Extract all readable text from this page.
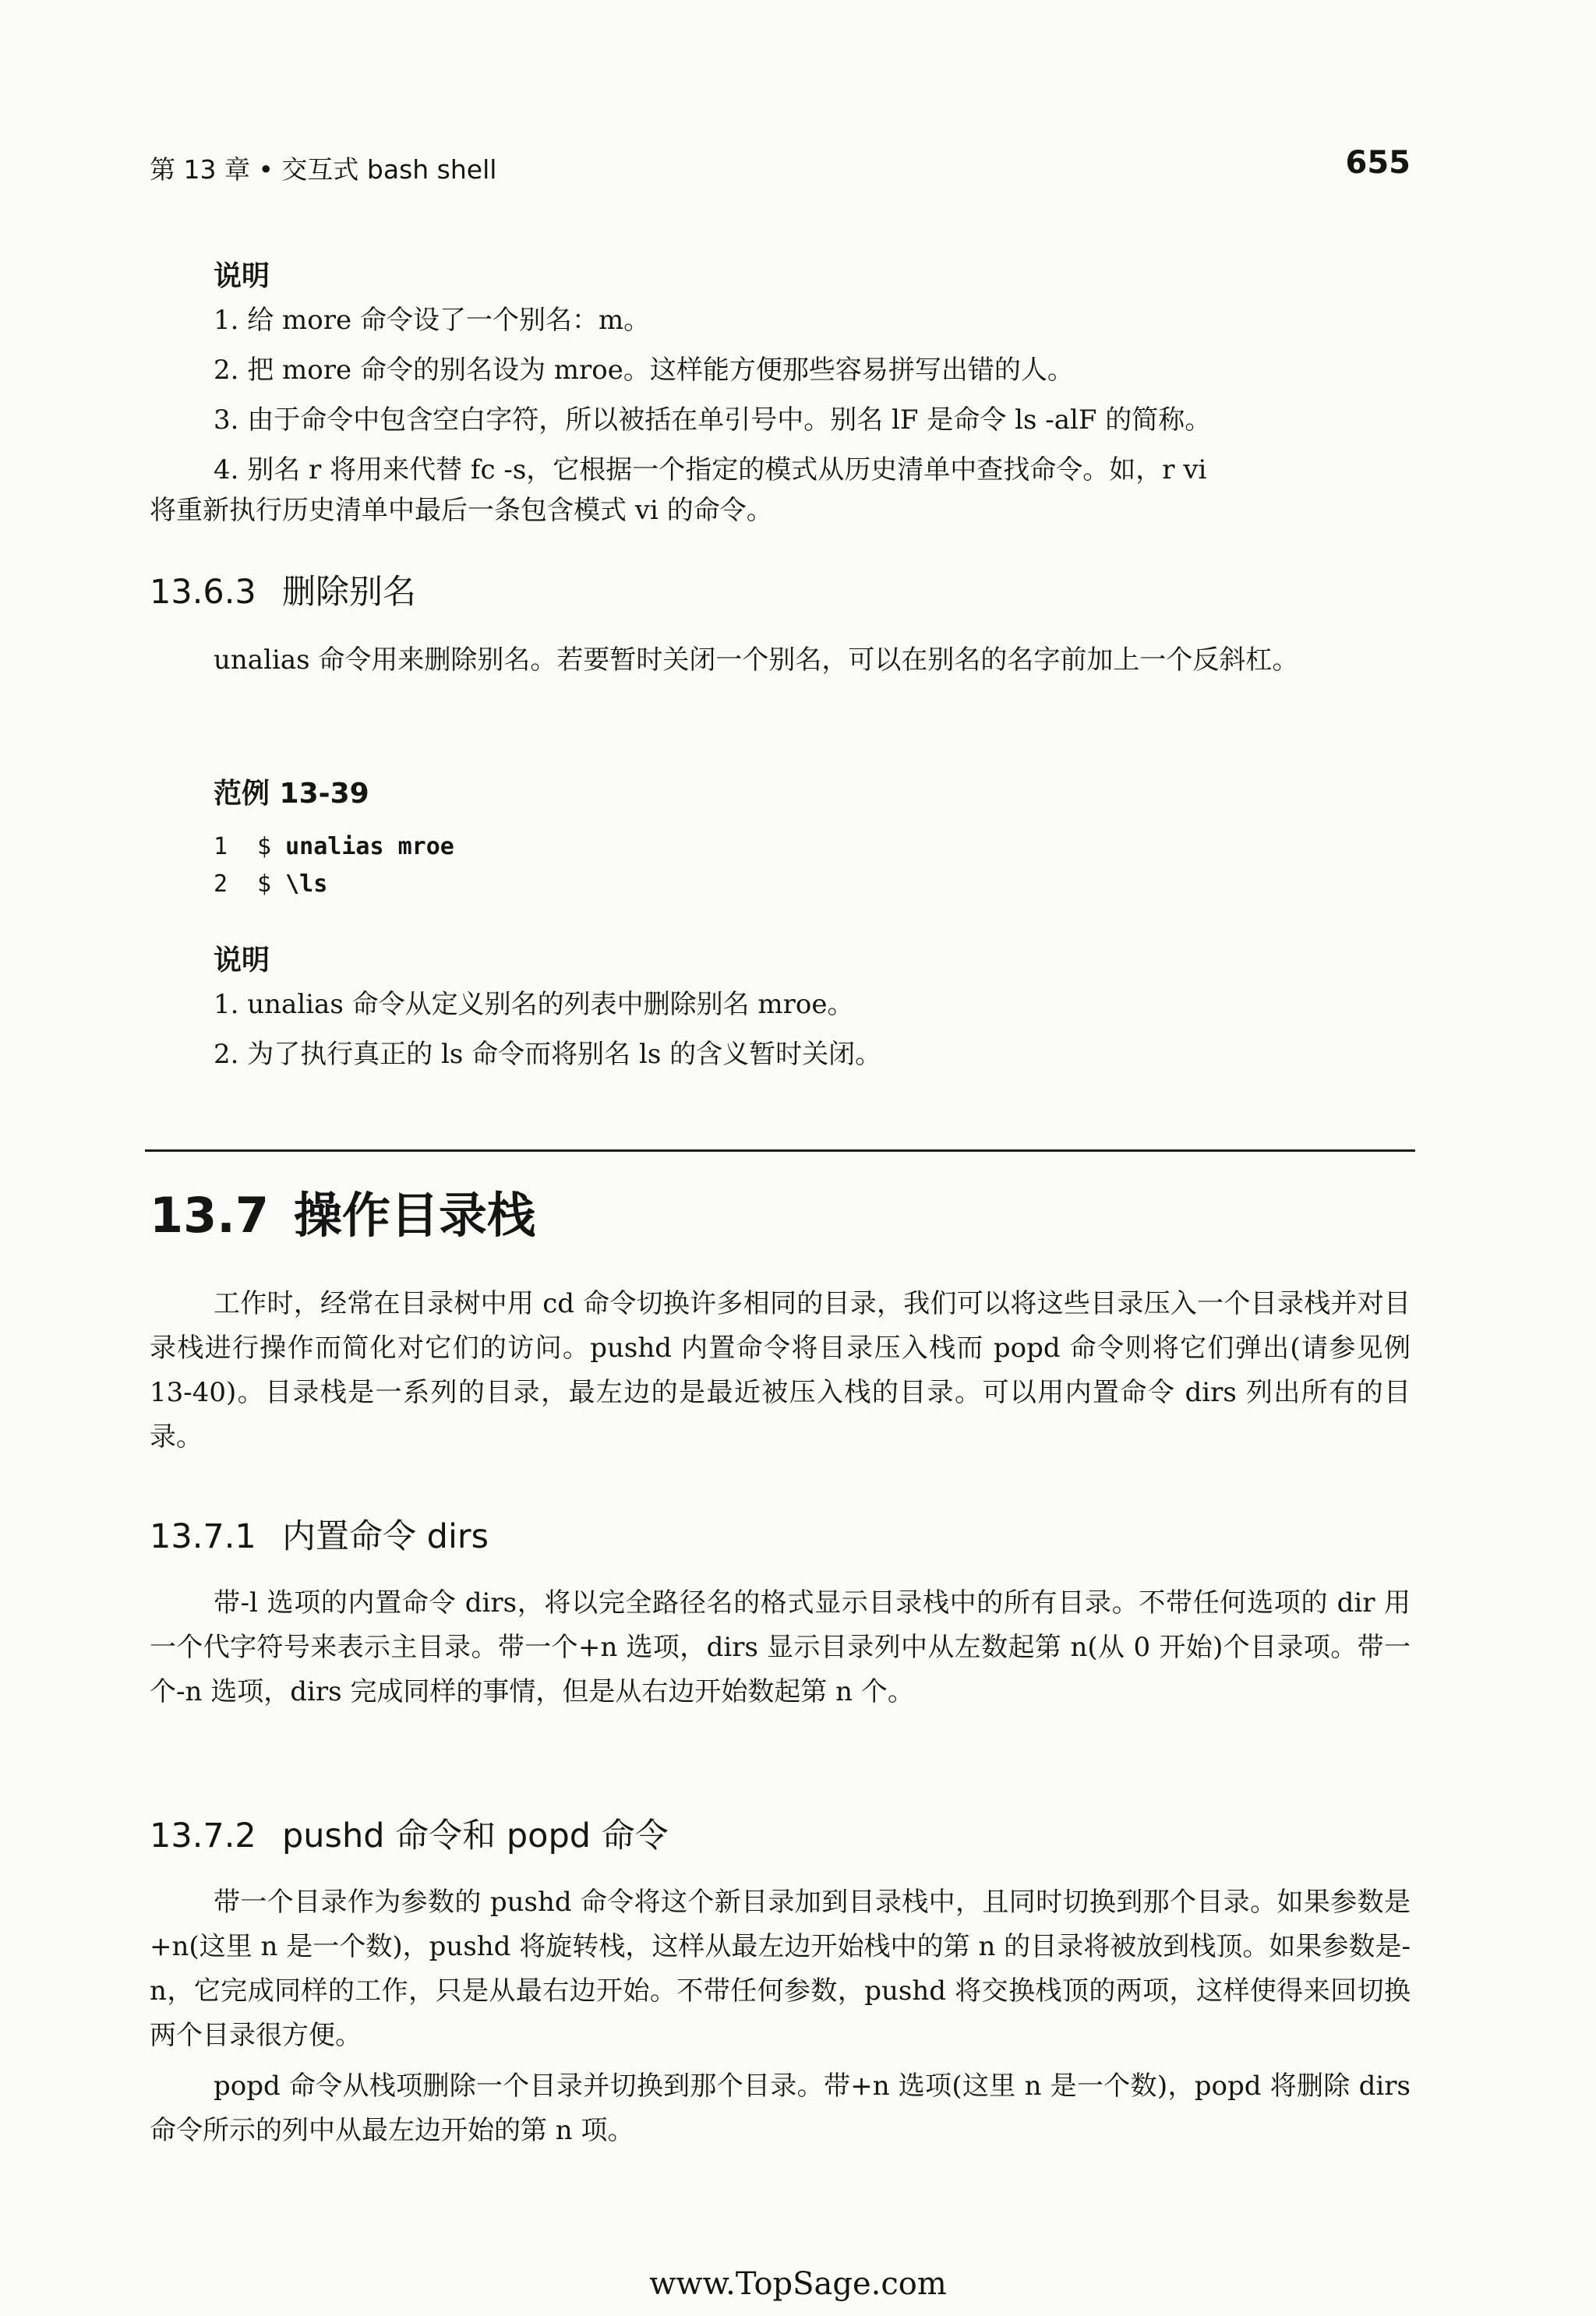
第 13 章 • 交互式 bash shell	655

说明

1. 给 more 命令设了一个别名：m。

2. 把 more 命令的别名设为 mroe。这样能方便那些容易拼写出错的人。

3. 由于命令中包含空白字符，所以被括在单引号中。别名 lF 是命令 ls -alF 的简称。

4. 别名 r 将用来代替 fc -s，它根据一个指定的模式从历史清单中查找命令。如，r vi

将重新执行历史清单中最后一条包含模式 vi 的命令。

13.6.3 删除别名

unalias 命令用来删除别名。若要暂时关闭一个别名，可以在别名的名字前加上一个反斜杠。

范例 13-39

1 $ unalias mroe

2 $ \ls

说明

1. unalias 命令从定义别名的列表中删除别名 mroe。

2. 为了执行真正的 ls 命令而将别名 ls 的含义暂时关闭。

13.7 操作目录栈

工作时，经常在目录树中用 cd 命令切换许多相同的目录，我们可以将这些目录压入一个目录栈并对目录栈进行操作而简化对它们的访问。pushd 内置命令将目录压入栈而 popd 命令则将它们弹出(请参见例 13-40)。目录栈是一系列的目录，最左边的是最近被压入栈的目录。可以用内置命令 dirs 列出所有的目录。

13.7.1 内置命令 dirs

带-l 选项的内置命令 dirs，将以完全路径名的格式显示目录栈中的所有目录。不带任何选项的 dir 用一个代字符号来表示主目录。带一个+n 选项，dirs 显示目录列中从左数起第 n(从 0 开始)个目录项。带一个-n 选项，dirs 完成同样的事情，但是从右边开始数起第 n 个。

13.7.2 pushd 命令和 popd 命令

带一个目录作为参数的 pushd 命令将这个新目录加到目录栈中，且同时切换到那个目录。如果参数是+n(这里 n 是一个数)，pushd 将旋转栈，这样从最左边开始栈中的第 n 的目录将被放到栈顶。如果参数是-n，它完成同样的工作，只是从最右边开始。不带任何参数，pushd 将交换栈顶的两项，这样使得来回切换两个目录很方便。

popd 命令从栈项删除一个目录并切换到那个目录。带+n 选项(这里 n 是一个数)，popd 将删除 dirs 命令所示的列中从最左边开始的第 n 项。

www.TopSage.com
